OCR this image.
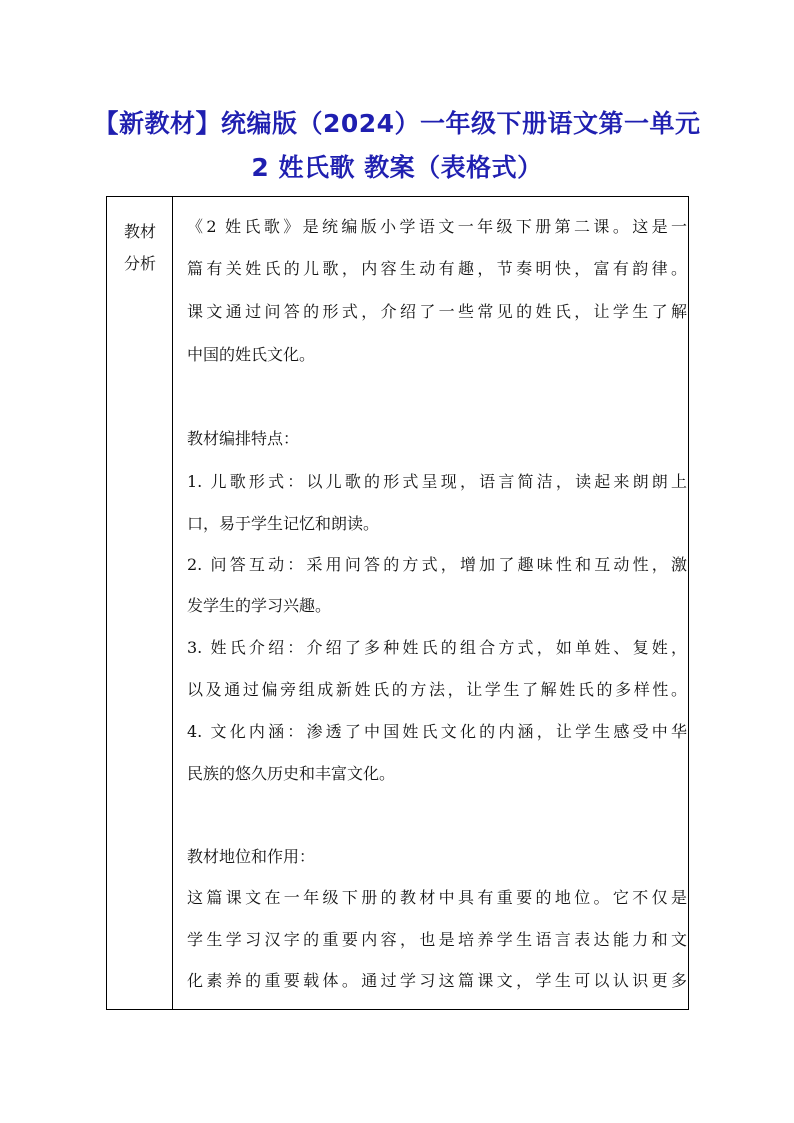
【新教材】统编版（2024）一年级下册语文第一单元
2 姓氏歌 教案（表格式）
教材
分析
《2 姓氏歌》是统编版小学语文一年级下册第二课。这是一
篇有关姓氏的儿歌，内容生动有趣，节奏明快，富有韵律。
课文通过问答的形式，介绍了一些常见的姓氏，让学生了解
中国的姓氏文化。
教材编排特点：
1. 儿歌形式：以儿歌的形式呈现，语言简洁，读起来朗朗上
口，易于学生记忆和朗读。
2. 问答互动：采用问答的方式，增加了趣味性和互动性，激
发学生的学习兴趣。
3. 姓氏介绍：介绍了多种姓氏的组合方式，如单姓、复姓，
以及通过偏旁组成新姓氏的方法，让学生了解姓氏的多样性。
4. 文化内涵：渗透了中国姓氏文化的内涵，让学生感受中华
民族的悠久历史和丰富文化。
教材地位和作用：
这篇课文在一年级下册的教材中具有重要的地位。它不仅是
学生学习汉字的重要内容，也是培养学生语言表达能力和文
化素养的重要载体。通过学习这篇课文，学生可以认识更多
